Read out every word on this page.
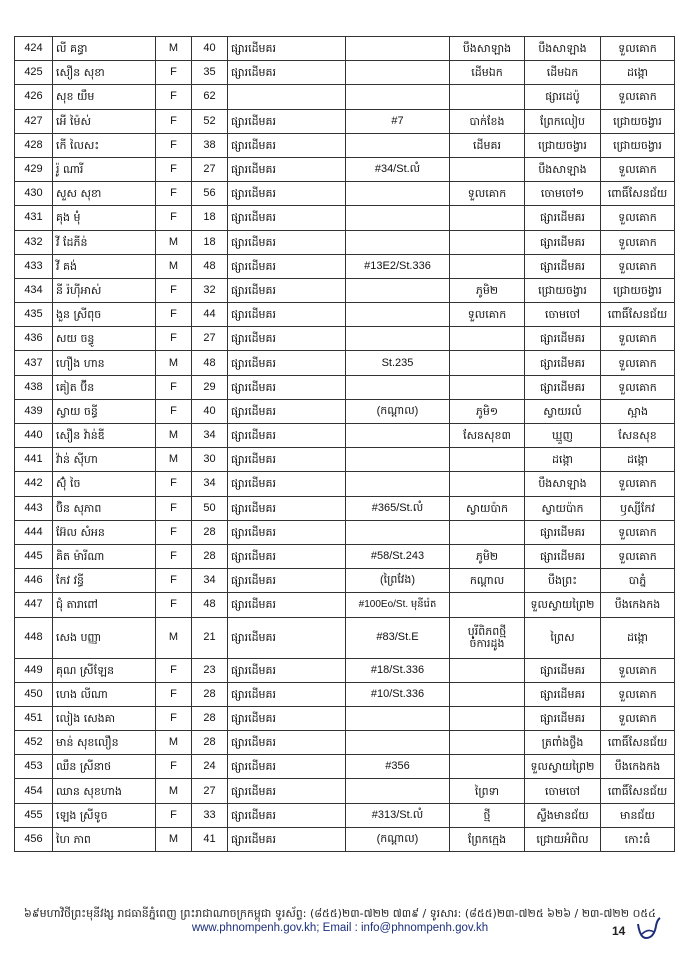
424	លី គន្ធា	M	40	ផ្សារដើមគរ		បឹងសាឡាង	បឹងសាឡាង	ទួលគោក
425	សឿន សុខា	F	35	ផ្សារដើមគរ		ដើមឯក	ដើមឯក	ដង្កោ
426	សុខ យឹម	F	62				ផ្សារដេប៉ូ	ទួលគោក
427	អើ ម៉ៃស់	F	52	ផ្សារដើមគរ	#7	បាក់ខែង	ព្រែកលៀប	ជ្រោយចង្វារ
428	កើ លៃសះ	F	38	ផ្សារដើមគរ		ដើមគរ	ជ្រោយចង្វារ	ជ្រោយចង្វារ
429	រ៉ូ ណារី	F	27	ផ្សារដើមគរ	#34/St.លំ		បឹងសាឡាង	ទួលគោក
430	សួស សុខា	F	56	ផ្សារដើមគរ		ទួលគោក	ចោមចៅ១	ពោធិ៍សែនជ័យ
431	គុង មុំ	F	18	ផ្សារដើមគរ			ផ្សារដើមគរ	ទួលគោក
432	វី ដែភីន់	M	18	ផ្សារដើមគរ			ផ្សារដើមគរ	ទួលគោក
433	វី គង់	M	48	ផ្សារដើមគរ	#13E2/St.336		ផ្សារដើមគរ	ទួលគោក
434	នី រ៉ហ៊ីអាស់	F	32	ផ្សារដើមគរ		ភូមិ២	ជ្រោយចង្វារ	ជ្រោយចង្វារ
435	ងួន ស្រីពុច	F	44	ផ្សារដើមគរ		ទួលគោក	ចោមចៅ	ពោធិ៍សែនជ័យ
436	សយ ចន្ធូ	F	27	ផ្សារដើមគរ			ផ្សារដើមគរ	ទួលគោក
437	ហឿង ហាន	M	48	ផ្សារដើមគរ	St.235		ផ្សារដើមគរ	ទួលគោក
438	គៀត ប៊ីន	F	29	ផ្សារដើមគរ			ផ្សារដើមគរ	ទួលគោក
439	ស្វាយ ចន្ធី	F	40	ផ្សារដើមគរ	(កណ្តាល)	ភូមិ១	ស្វាយរលំ	ស្អាង
440	សឿន វ៉ាន់ឌី	M	34	ផ្សារដើមគរ		សែនសុខ៣	ឃ្មួញ	សែនសុខ
441	វ៉ាន់ ស៊ីហា	M	30	ផ្សារដើមគរ			ដង្កោ	ដង្កោ
442	ស៊ុំ ចៃ	F	34	ផ្សារដើមគរ			បឹងសាឡាង	ទួលគោក
443	ប៊ិន សុភាព	F	50	ផ្សារដើមគរ	#365/St.លំ	ស្វាយប៉ាក	ស្វាយប៉ាក	ឫស្សីកែវ
444	អ៊ែល សំអន	F	28	ផ្សារដើមគរ			ផ្សារដើមគរ	ទួលគោក
445	គិត ម៉ារីណា	F	28	ផ្សារដើមគរ	#58/St.243	ភូមិ២	ផ្សារដើមគរ	ទួលគោក
446	កែវ វន្ធី	F	34	ផ្សារដើមគរ	(ព្រៃវែង)	កណ្តាល	បឹងព្រះ	បាភ្នំ
447	ជុំ តារាពៅ	F	48	ផ្សារដើមគរ	#100Eo/St. មុនីរ៉េត		ទួលស្វាយព្រៃ២	បឹងកេងកង
448	សេង បញ្ញា	M	21	ផ្សារដើមគរ	#83/St.E	បុរីពិភពថ្មី ចំការដូង	ព្រៃស	ដង្កោ
449	គុណ ស្រីឡែន	F	23	ផ្សារដើមគរ	#18/St.336		ផ្សារដើមគរ	ទួលគោក
450	ហេង លីណា	F	28	ផ្សារដើមគរ	#10/St.336		ផ្សារដើមគរ	ទួលគោក
451	លៀង សេងគា	F	28	ផ្សារដើមគរ			ផ្សារដើមគរ	ទួលគោក
452	មាន់ សុខលឿន	M	28	ផ្សារដើមគរ			ត្រពាំងថ្លឹង	ពោធិ៍សែនជ័យ
453	ឈឹន ស្រីនាថ	F	24	ផ្សារដើមគរ	#356		ទួលស្វាយព្រៃ២	បឹងកេងកង
454	ឈាន សុខហាង	M	27	ផ្សារដើមគរ		ព្រៃទា	ចោមចៅ	ពោធិ៍សែនជ័យ
455	ឡេង ស្រីទូច	F	33	ផ្សារដើមគរ	#313/St.លំ	ថ្មី	ស្ទឹងមានជ័យ	មានជ័យ
456	ហៃ ភាព	M	41	ផ្សារដើមគរ	(កណ្តាល)	ព្រែកក្មេង	ជ្រោយអំពិល	កោះធំ
៦៩មហាវិថីព្រះមុនីវង្ស រាជធានីភ្នំពេញ ព្រះរាជាណាចក្រកម្ពុជា ទូរស័ព្ទ: (៨៥៥)២៣-៧២២ ៧៣៩ / ទូរសារ: (៨៥៥)២៣-៧២៥ ៦២៦ / ២៣-៧២២ ០៥៤
www.phnompenh.gov.kh; Email : info@phnompenh.gov.kh	14
